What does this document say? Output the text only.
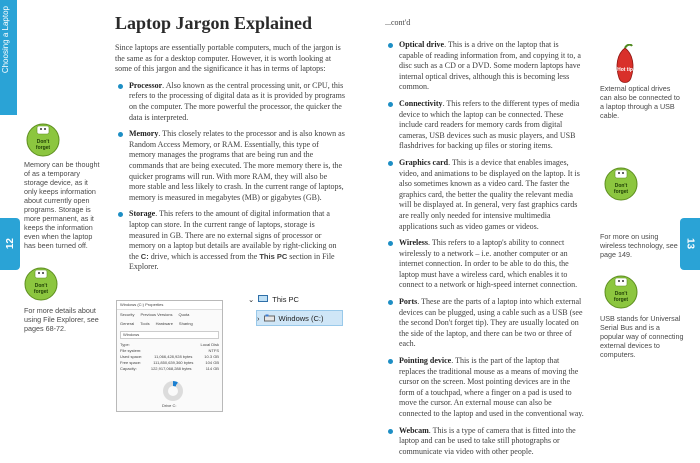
Choosing a Laptop
12	13
Don't
forget
Memory can be thought of as a temporary storage device, as it only keeps information about currently open programs. Storage is more permanent, as it keeps the information even when the laptop has been turned off.
Don't
forget
For more details about using File Explorer, see pages 68-72.
Hot tip
External optical drives can also be connected to a laptop through a USB cable.
Don't
forget
For more on using wireless technology, see page 149.
Don't
forget
USB stands for Universal Serial Bus and is a popular way of connecting external devices to computers.
Laptop Jargon Explained	...cont'd

Since laptops are essentially portable computers, much of the jargon is the same as for a desktop computer. However, it is worth looking at some of this jargon and the significance it has in terms of laptops:

Processor. Also known as the central processing unit, or CPU, this refers to the processing of digital data as it is provided by programs on the computer. The more powerful the processor, the quicker the data is interpreted.
Memory. This closely relates to the processor and is also known as Random Access Memory, or RAM. Essentially, this type of memory manages the programs that are being run and the commands that are being executed. The more memory there is, the quicker programs will run. With more RAM, they will also be more stable and less likely to crash. In the current range of laptops, memory is measured in megabytes (MB) or gigabytes (GB).
Storage. This refers to the amount of digital information that a laptop can store. In the current range of laptops, storage is measured in GB. There are no external signs of processor or memory on a laptop but details are available by right-clicking on the C: drive, which is accessed from the This PC section in File Explorer.
Windows (C:) Properties
Security Previous Versions Quota
General Tools Hardware Sharing
Windows
Type:	Local Disk
File system:	NTFS
Used space:	11,066,428,928 bytes	10.3 GB
Free space:	111,850,639,360 bytes	104 GB
Capacity:	122,917,068,288 bytes	114 GB
Drive C:
⌄ This PC
›	Windows (C:)
Optical drive. This is a drive on the laptop that is capable of reading information from, and copying it to, a disc such as a CD or a DVD. Some modern laptops have internal optical drives, although this is becoming less common.
Connectivity. This refers to the different types of media device to which the laptop can be connected. These include card readers for memory cards from digital cameras, USB devices such as music players, and USB flashdrives for backing up files or storing items.
Graphics card. This is a device that enables images, video, and animations to be displayed on the laptop. It is also sometimes known as a video card. The faster the graphics card, the better the quality the relevant media will be displayed at. In general, very fast graphics cards are really only needed for intensive multimedia applications such as video games or videos.
Wireless. This refers to a laptop's ability to connect wirelessly to a network – i.e. another computer or an internet connection. In order to be able to do this, the laptop must have a wireless card, which enables it to connect to a network or high-speed internet connection.
Ports. These are the parts of a laptop into which external devices can be plugged, using a cable such as a USB (see the second Don't forget tip). They are usually located on the side of the laptop, and there can be two or three of each.
Pointing device. This is the part of the laptop that replaces the traditional mouse as a means of moving the cursor on the screen. Most pointing devices are in the form of a touchpad, where a finger on a pad is used to move the cursor. An external mouse can also be connected to the laptop and used in the conventional way.
Webcam. This is a type of camera that is fitted into the laptop and can be used to take still photographs or communicate via video with other people.
